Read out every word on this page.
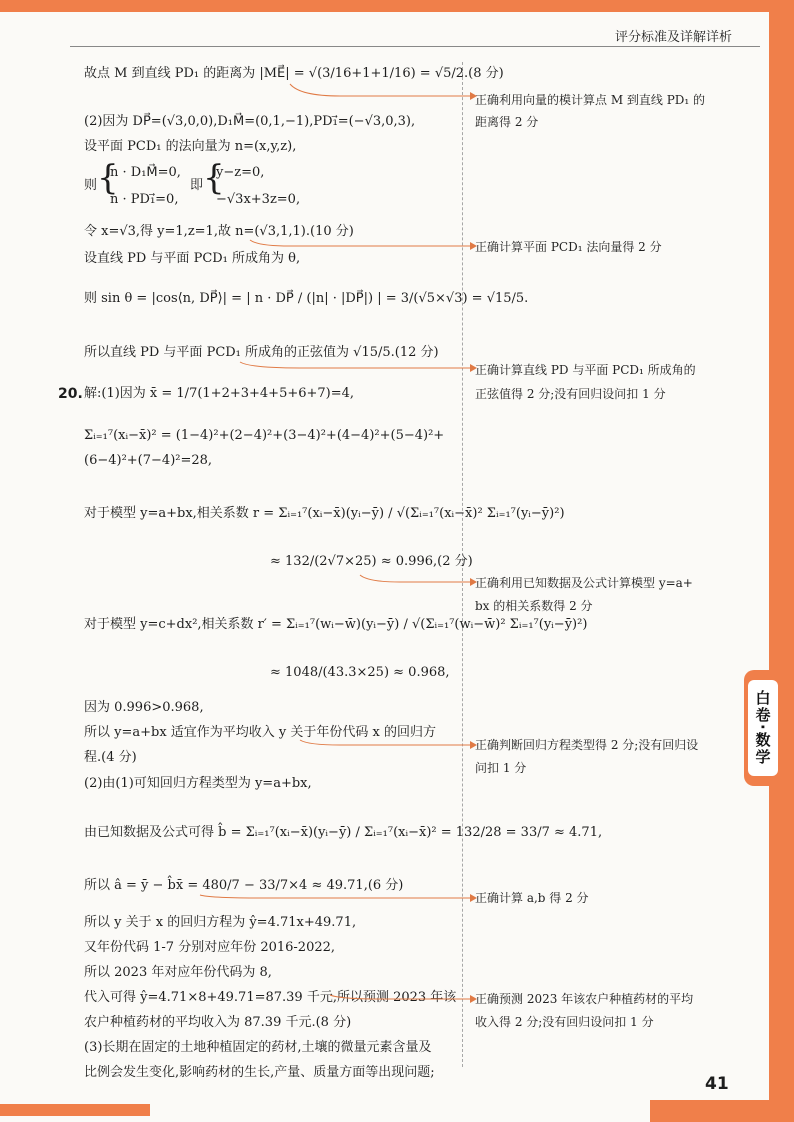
白卷·数学
评分标准及详解详析
41
故点 M 到直线 PD₁ 的距离为 |ME⃗| = √(3/16+1+1/16) = √5/2.(8 分)
(2)因为 DP⃗=(√3,0,0),D₁M⃗=(0,1,−1),PD₁⃗=(−√3,0,3),
设平面 PCD₁ 的法向量为 n=(x,y,z),
则 {
n · D₁M⃗=0,
n · PD₁⃗=0,
即 {
y−z=0,
−√3x+3z=0,
令 x=√3,得 y=1,z=1,故 n=(√3,1,1).(10 分)
设直线 PD 与平面 PCD₁ 所成角为 θ,
则 sin θ = |cos⟨n, DP⃗⟩| = | n · DP⃗ / (|n| · |DP⃗|) | = 3/(√5×√3) = √15/5.
所以直线 PD 与平面 PCD₁ 所成角的正弦值为 √15/5.(12 分)
20. 解:(1)因为 x̄ = 1/7(1+2+3+4+5+6+7)=4,
Σᵢ₌₁⁷(xᵢ−x̄)² = (1−4)²+(2−4)²+(3−4)²+(4−4)²+(5−4)²+
(6−4)²+(7−4)²=28,
对于模型 y=a+bx,相关系数 r = Σᵢ₌₁⁷(xᵢ−x̄)(yᵢ−ȳ) / √(Σᵢ₌₁⁷(xᵢ−x̄)² Σᵢ₌₁⁷(yᵢ−ȳ)²)
≈ 132/(2√7×25) ≈ 0.996,(2 分)
对于模型 y=c+dx²,相关系数 r′ = Σᵢ₌₁⁷(wᵢ−w̄)(yᵢ−ȳ) / √(Σᵢ₌₁⁷(wᵢ−w̄)² Σᵢ₌₁⁷(yᵢ−ȳ)²)
≈ 1048/(43.3×25) ≈ 0.968,
因为 0.996>0.968,
所以 y=a+bx 适宜作为平均收入 y 关于年份代码 x 的回归方
程.(4 分)
(2)由(1)可知回归方程类型为 y=a+bx,
由已知数据及公式可得 b̂ = Σᵢ₌₁⁷(xᵢ−x̄)(yᵢ−ȳ) / Σᵢ₌₁⁷(xᵢ−x̄)² = 132/28 = 33/7 ≈ 4.71,
所以 â = ȳ − b̂x̄ = 480/7 − 33/7×4 ≈ 49.71,(6 分)
所以 y 关于 x 的回归方程为 ŷ=4.71x+49.71,
又年份代码 1-7 分别对应年份 2016-2022,
所以 2023 年对应年份代码为 8,
代入可得 ŷ=4.71×8+49.71=87.39 千元,所以预测 2023 年该
农户种植药材的平均收入为 87.39 千元.(8 分)
(3)长期在固定的土地种植固定的药材,土壤的微量元素含量及
比例会发生变化,影响药材的生长,产量、质量方面等出现问题;
正确利用向量的模计算点 M 到直线 PD₁ 的
距离得 2 分
正确计算平面 PCD₁ 法向量得 2 分
正确计算直线 PD 与平面 PCD₁ 所成角的
正弦值得 2 分;没有回归设问扣 1 分
正确利用已知数据及公式计算模型 y=a+
bx 的相关系数得 2 分
正确判断回归方程类型得 2 分;没有回归设
问扣 1 分
正确计算 a,b 得 2 分
正确预测 2023 年该农户种植药材的平均
收入得 2 分;没有回归设问扣 1 分
